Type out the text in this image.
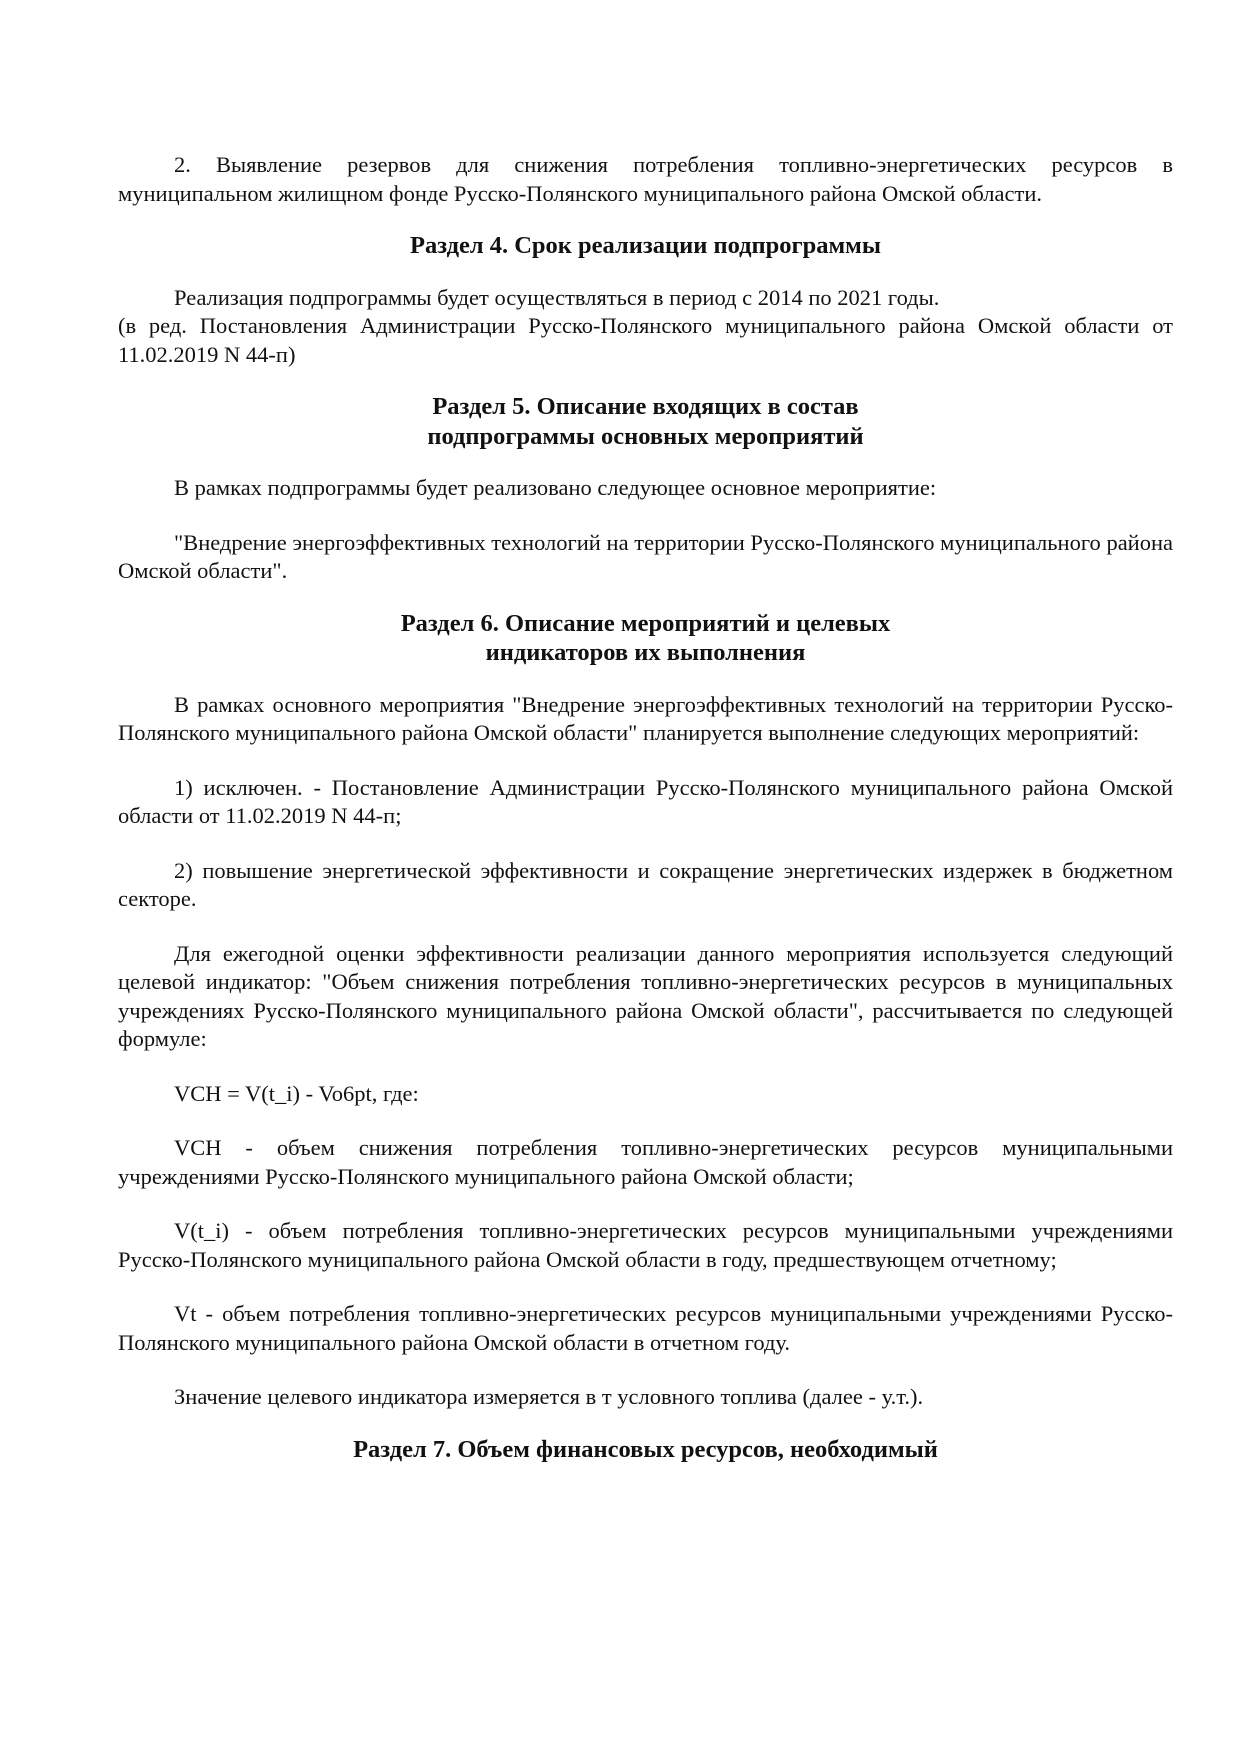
2. Выявление резервов для снижения потребления топливно-энергетических ресурсов в муниципальном жилищном фонде Русско-Полянского муниципального района Омской области.

Раздел 4. Срок реализации подпрограммы

Реализация подпрограммы будет осуществляться в период с 2014 по 2021 годы.

(в ред. Постановления Администрации Русско-Полянского муниципального района Омской области от 11.02.2019 N 44-п)

Раздел 5. Описание входящих в состав
подпрограммы основных мероприятий

В рамках подпрограммы будет реализовано следующее основное мероприятие:

"Внедрение энергоэффективных технологий на территории Русско-Полянского муниципального района Омской области".

Раздел 6. Описание мероприятий и целевых
индикаторов их выполнения

В рамках основного мероприятия "Внедрение энергоэффективных технологий на территории Русско-Полянского муниципального района Омской области" планируется выполнение следующих мероприятий:

1) исключен. - Постановление Администрации Русско-Полянского муниципального района Омской области от 11.02.2019 N 44-п;

2) повышение энергетической эффективности и сокращение энергетических издержек в бюджетном секторе.

Для ежегодной оценки эффективности реализации данного мероприятия используется следующий целевой индикатор: "Объем снижения потребления топливно-энергетических ресурсов в муниципальных учреждениях Русско-Полянского муниципального района Омской области", рассчитывается по следующей формуле:

VCH = V(t_i) - Vo6pt, где:

VCH - объем снижения потребления топливно-энергетических ресурсов муниципальными учреждениями Русско-Полянского муниципального района Омской области;

V(t_i) - объем потребления топливно-энергетических ресурсов муниципальными учреждениями Русско-Полянского муниципального района Омской области в году, предшествующем отчетному;

Vt - объем потребления топливно-энергетических ресурсов муниципальными учреждениями Русско-Полянского муниципального района Омской области в отчетном году.

Значение целевого индикатора измеряется в т условного топлива (далее - у.т.).

Раздел 7. Объем финансовых ресурсов, необходимый
